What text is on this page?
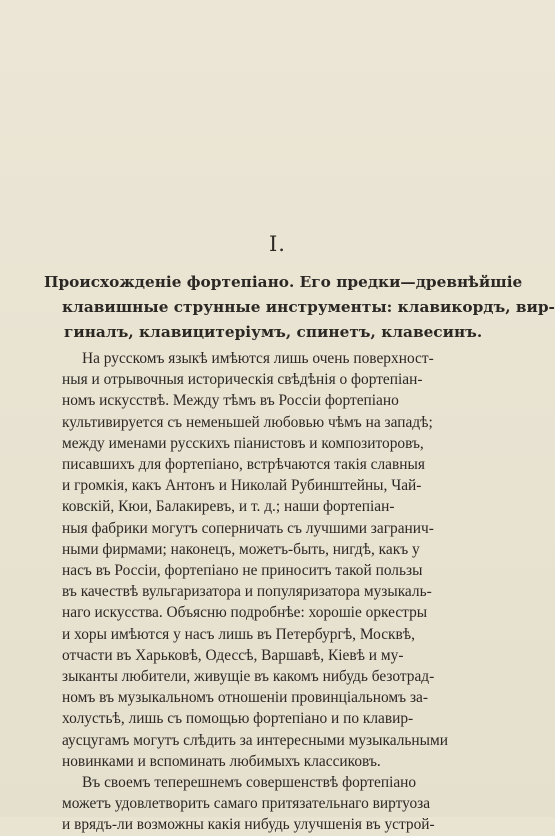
I.
Происхожденіе фортепіано. Его предки—древнѣйшіе
клавишные струнные инструменты: клавикордъ, вир-
гиналъ, клавицитеріумъ, спинетъ, клавесинъ.
На русскомъ языкѣ имѣются лишь очень поверхност-
ныя и отрывочныя историческія свѣдѣнія о фортепіан-
номъ искусствѣ. Между тѣмъ въ Россіи фортепіано
культивируется съ неменьшей любовью чѣмъ на западѣ;
между именами русскихъ піанистовъ и композиторовъ,
писавшихъ для фортепіано, встрѣчаются такія славныя
и громкія, какъ Антонъ и Николай Рубинштейны, Чай-
ковскій, Кюи, Балакиревъ, и т. д.; наши фортепіан-
ныя фабрики могутъ соперничать съ лучшими загранич-
ными фирмами; наконецъ, можетъ-быть, нигдѣ, какъ у
насъ въ Россіи, фортепіано не приноситъ такой пользы
въ качествѣ вульгаризатора и популяризатора музыкаль-
наго искусства. Объясню подробнѣе: хорошіе оркестры
и хоры имѣются у насъ лишь въ Петербургѣ, Москвѣ,
отчасти въ Харьковѣ, Одессѣ, Варшавѣ, Кіевѣ и му-
зыканты любители, живущіе въ какомъ нибудь безотрад-
номъ въ музыкальномъ отношеніи провинціальномъ за-
холустьѣ, лишь съ помощью фортепіано и по клавир-
аусцугамъ могутъ слѣдить за интересными музыкальными
новинками и вспоминать любимыхъ классиковъ.
Въ своемъ теперешнемъ совершенствѣ фортепіано
можетъ удовлетворить самаго притязательнаго виртуоза
и врядъ-ли возможны какія нибудь улучшенія въ устрой-
